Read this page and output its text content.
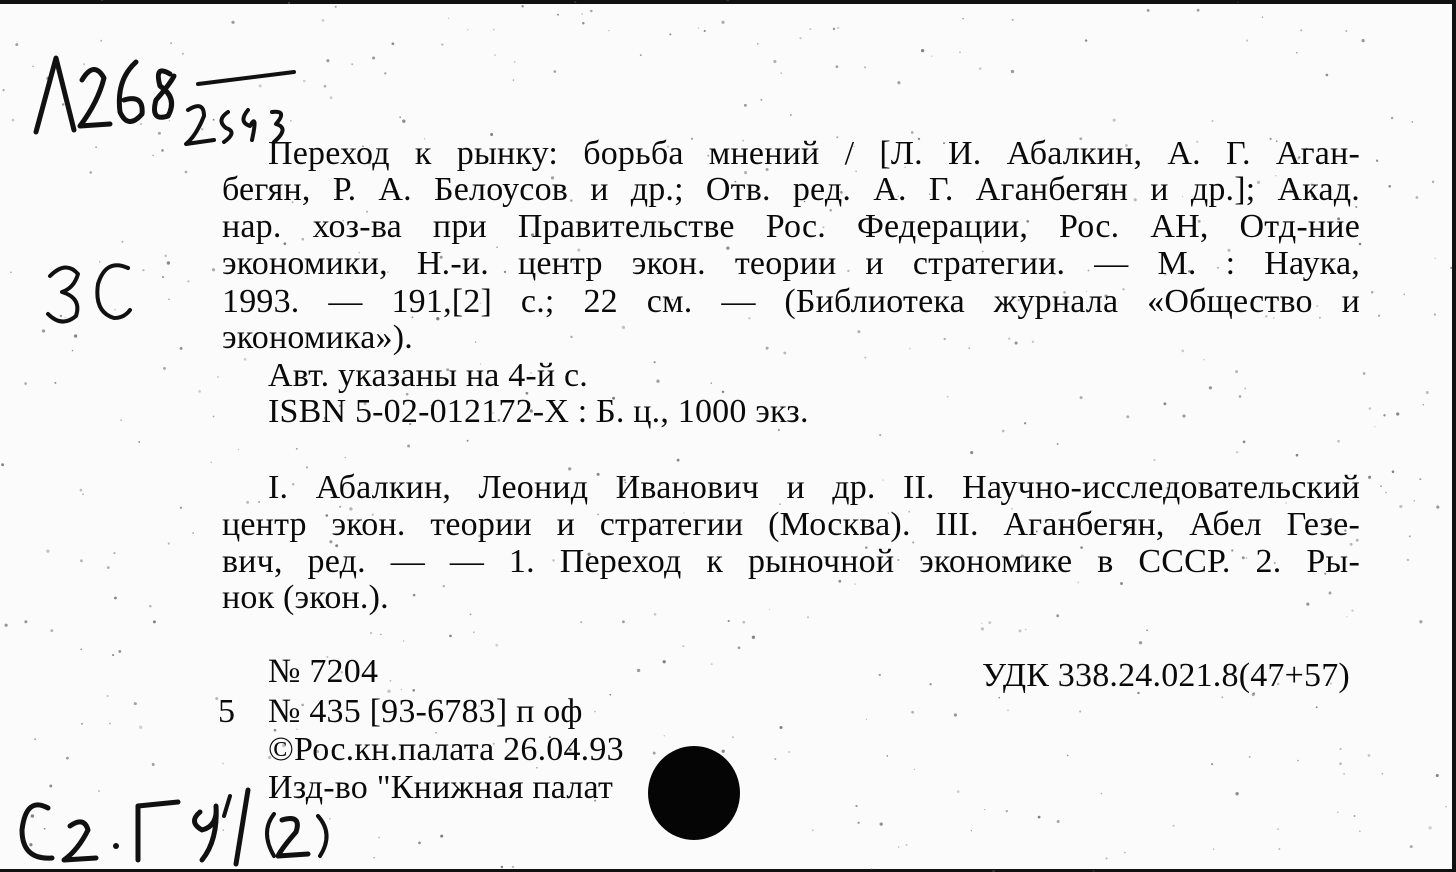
Переход к рынку: борьба мнений / [Л. И. Абалкин, А. Г. Аган-
бегян, Р. А. Белоусов и др.; Отв. ред. А. Г. Аганбегян и др.]; Акад.
нар. хоз-ва при Правительстве Рос. Федерации, Рос. АН, Отд-ние
экономики, Н.-и. центр экон. теории и стратегии. — М. : Наука,
1993. — 191,[2] с.; 22 см. — (Библиотека журнала «Общество и
экономика»).
Авт. указаны на 4-й с.
ISBN 5-02-012172-X : Б. ц., 1000 экз.
I. Абалкин, Леонид Иванович и др. II. Научно-исследовательский
центр экон. теории и стратегии (Москва). III. Аганбегян, Абел Гезе-
вич, ред. — — 1. Переход к рыночной экономике в СССР. 2. Ры-
нок (экон.).
№ 7204	УДК 338.24.021.8(47+57)
5 № 435 [93-6783] п оф
©Рос.кн.палата 26.04.93
Изд-во "Книжная палат
